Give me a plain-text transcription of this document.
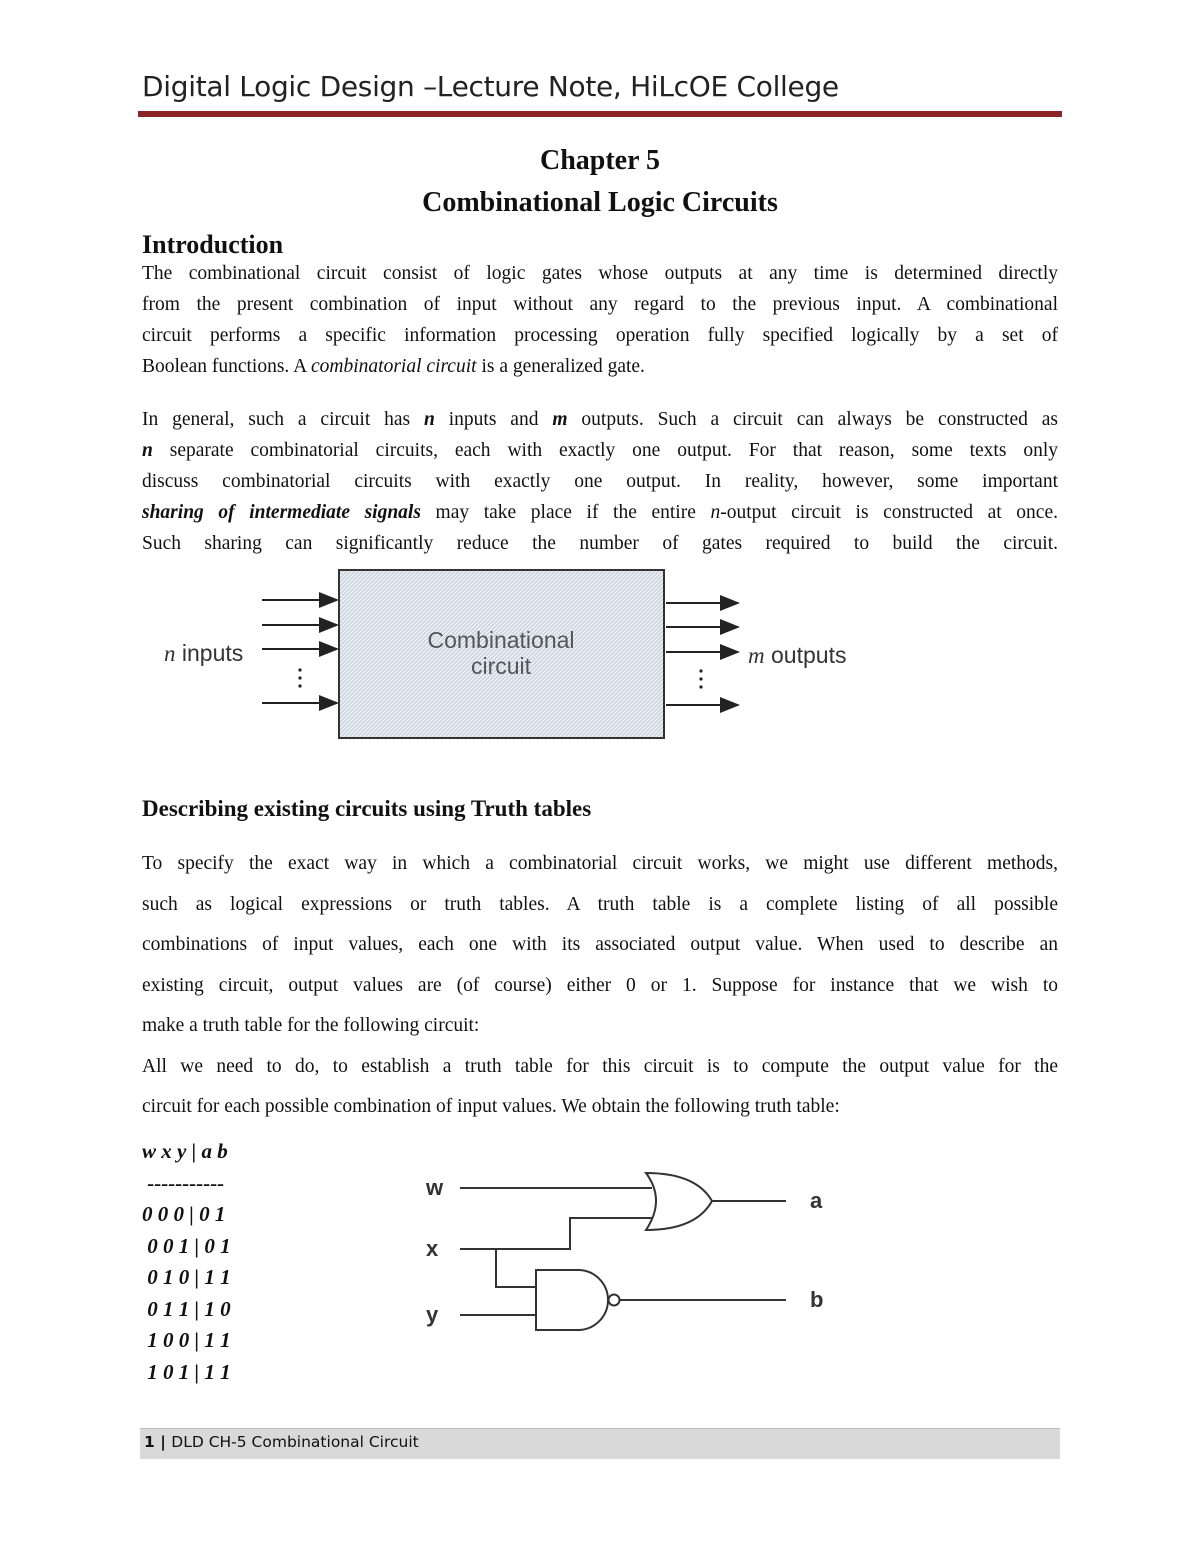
Digital Logic Design –Lecture Note, HiLcOE College
Chapter 5
Combinational Logic Circuits
Introduction
The combinational circuit consist of logic gates whose outputs at any time is determined directly
from the present combination of input without any regard to the previous input. A combinational
circuit performs a specific information processing operation fully specified logically by a set of
Boolean functions. A combinatorial circuit is a generalized gate.
In general, such a circuit has n inputs and m outputs. Such a circuit can always be constructed as
n separate combinatorial circuits, each with exactly one output. For that reason, some texts only
discuss combinatorial circuits with exactly one output. In reality, however, some important
sharing of intermediate signals may take place if the entire n-output circuit is constructed at once.
Such sharing can significantly reduce the number of gates required to build the circuit.
Combinational
circuit
n inputs	m outputs
Describing existing circuits using Truth tables
To specify the exact way in which a combinatorial circuit works, we might use different methods,
such as logical expressions or truth tables. A truth table is a complete listing of all possible
combinations of input values, each one with its associated output value. When used to describe an
existing circuit, output values are (of course) either 0 or 1. Suppose for instance that we wish to
make a truth table for the following circuit:
All we need to do, to establish a truth table for this circuit is to compute the output value for the
circuit for each possible combination of input values. We obtain the following truth table:
w x y | a b
-----------
0 0 0 | 0 1
0 0 1 | 0 1
0 1 0 | 1 1
0 1 1 | 1 0
1 0 0 | 1 1
1 0 1 | 1 1
w
x
y
a
b
1 | DLD CH-5 Combinational Circuit
